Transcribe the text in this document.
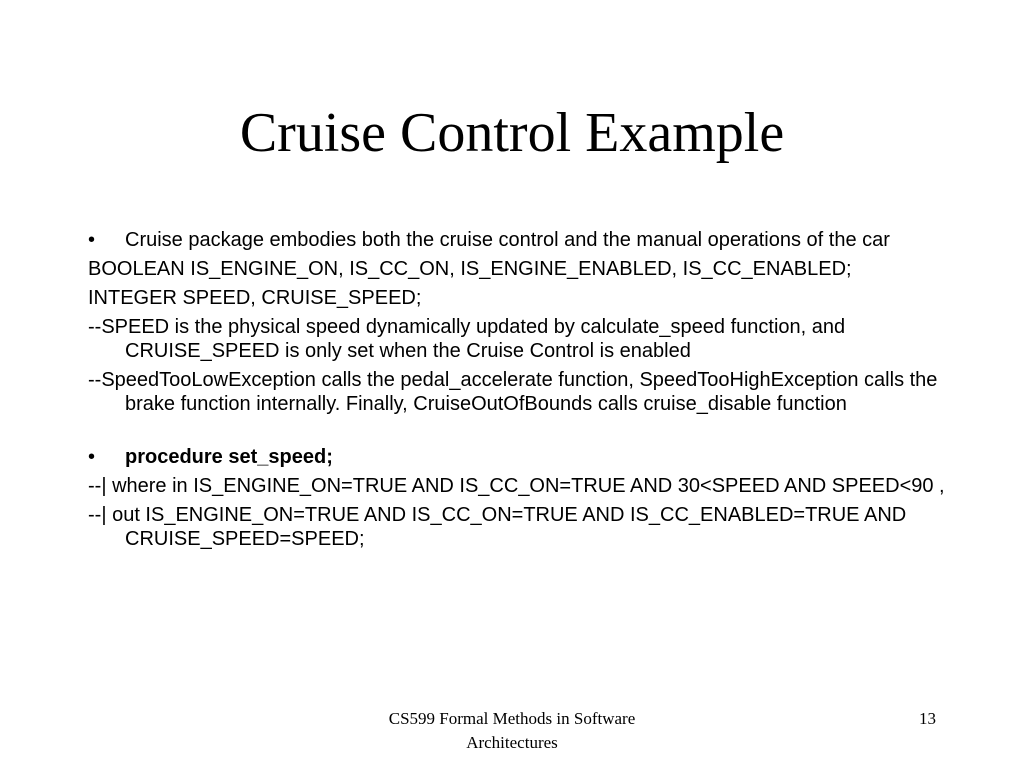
Cruise Control Example

• Cruise package embodies both the cruise control and the manual operations of the car

BOOLEAN IS_ENGINE_ON, IS_CC_ON, IS_ENGINE_ENABLED, IS_CC_ENABLED;

INTEGER SPEED, CRUISE_SPEED;

--SPEED is the physical speed dynamically updated by calculate_speed function, and CRUISE_SPEED is only set when the Cruise Control is enabled

--SpeedTooLowException calls the pedal_accelerate function, SpeedTooHighException calls the brake function internally. Finally, CruiseOutOfBounds calls cruise_disable function

• procedure set_speed;

--| where in IS_ENGINE_ON=TRUE AND IS_CC_ON=TRUE AND 30<SPEED AND SPEED<90 ,

--| out IS_ENGINE_ON=TRUE AND IS_CC_ON=TRUE AND IS_CC_ENABLED=TRUE AND CRUISE_SPEED=SPEED;

CS599 Formal Methods in Software
Architectures
13
